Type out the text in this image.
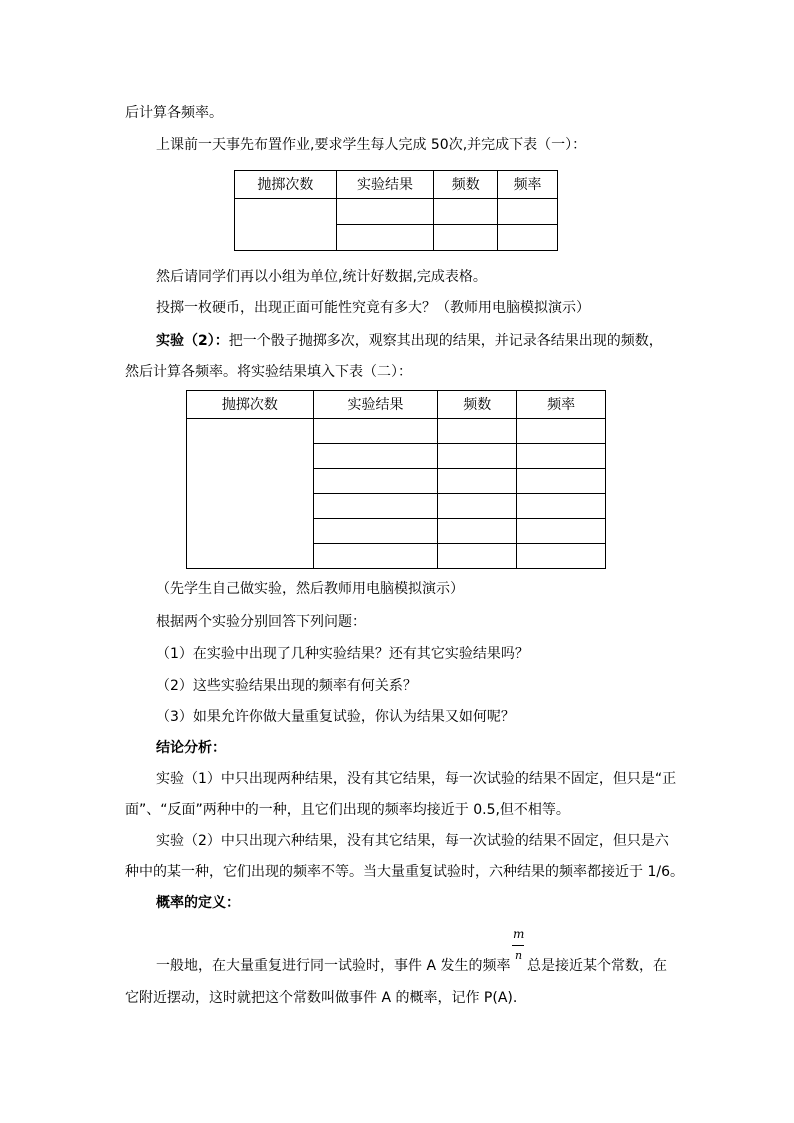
后计算各频率。
上课前一天事先布置作业,要求学生每人完成 50次,并完成下表（一）：
抛掷次数	实验结果	频数	频率

然后请同学们再以小组为单位,统计好数据,完成表格。
投掷一枚硬币，出现正面可能性究竟有多大？（教师用电脑模拟演示）
实验（2）：把一个骰子抛掷多次，观察其出现的结果，并记录各结果出现的频数，
然后计算各频率。将实验结果填入下表（二）：
抛掷次数	实验结果	频数	频率

（先学生自己做实验，然后教师用电脑模拟演示）
根据两个实验分别回答下列问题：
（1）在实验中出现了几种实验结果？还有其它实验结果吗？
（2）这些实验结果出现的频率有何关系？
（3）如果允许你做大量重复试验，你认为结果又如何呢？
结论分析：
实验（1）中只出现两种结果，没有其它结果，每一次试验的结果不固定，但只是“正
面”、“反面”两种中的一种，且它们出现的频率均接近于 0.5,但不相等。
实验（2）中只出现六种结果，没有其它结果，每一次试验的结果不固定，但只是六
种中的某一种，它们出现的频率不等。当大量重复试验时，六种结果的频率都接近于 1/6。
概率的定义：
m
n
一般地，在大量重复进行同一试验时，事件 A 发生的频率 总是接近某个常数，在
它附近摆动，这时就把这个常数叫做事件 A 的概率，记作 P(A).
